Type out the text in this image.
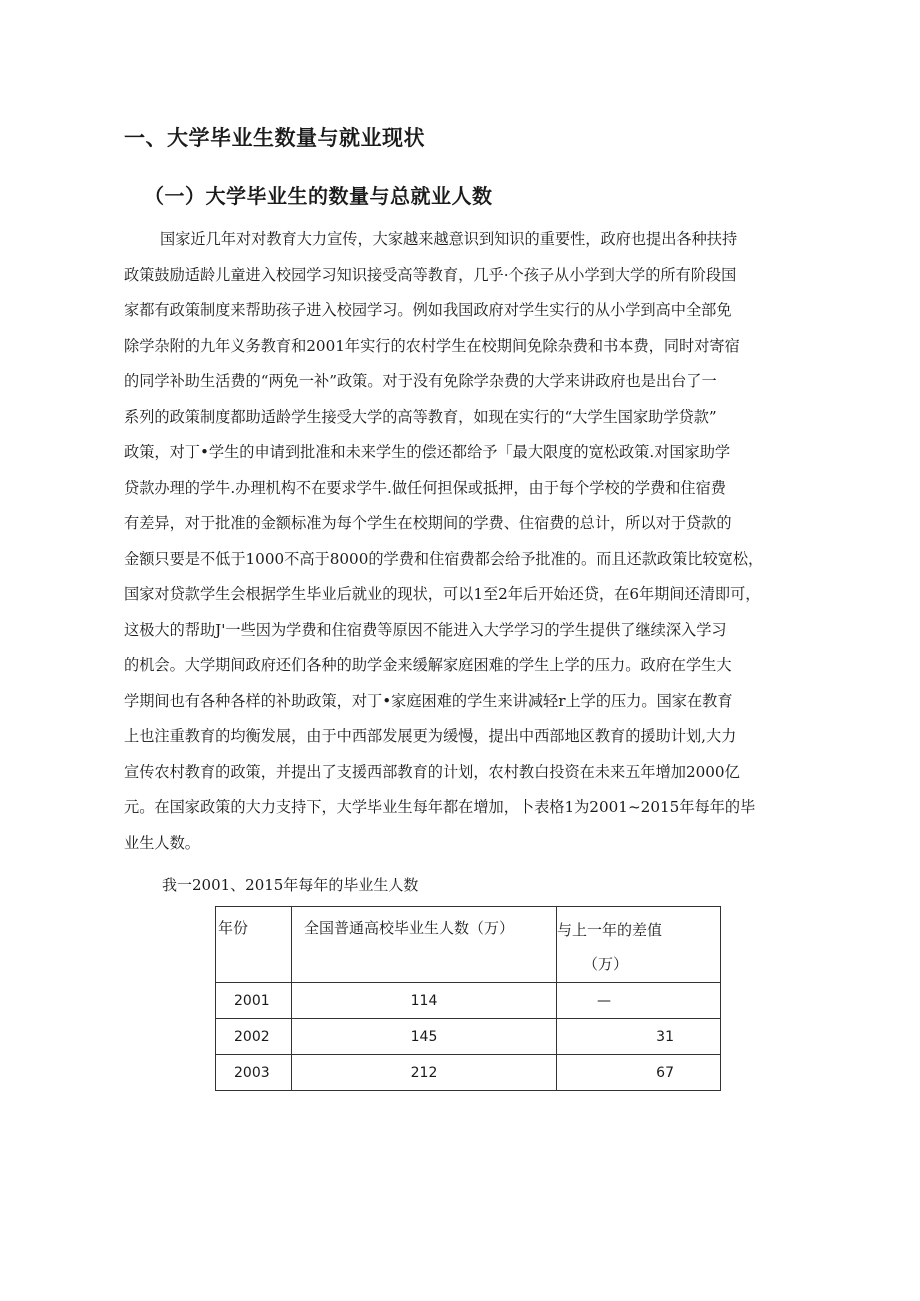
一、大学毕业生数量与就业现状
（一）大学毕业生的数量与总就业人数

国家近几年对对教育大力宣传，大家越来越意识到知识的重要性，政府也提出各种扶持
政策鼓励适龄儿童进入校园学习知识接受高等教育，几乎·个孩子从小学到大学的所有阶段国
家都有政策制度来帮助孩子进入校园学习。例如我国政府对学生实行的从小学到高中全部免
除学杂附的九年义务教育和2001年实行的农村学生在校期间免除杂费和书本费，同时对寄宿
的同学补助生活费的“两免一补”政策。对于没有免除学杂费的大学来讲政府也是出台了一
系列的政策制度都助适龄学生接受大学的高等教育，如现在实行的“大学生国家助学贷款”
政策，对丁•学生的申请到批准和未来学生的偿还都给予「最大限度的宽松政策.对国家助学
贷款办理的学牛.办理机构不在要求学牛.做任何担保或抵押，由于每个学校的学费和住宿费
有差异，对于批准的金额标准为每个学生在校期间的学费、住宿费的总计，所以对于贷款的
金额只要是不低于1000不高于8000的学费和住宿费都会给予批准的。而且还款政策比较宽松，
国家对贷款学生会根据学生毕业后就业的现状，可以1至2年后开始还贷，在6年期间还清即可，
这极大的帮助J'一些因为学费和住宿费等原因不能进入大学学习的学生提供了继续深入学习
的机会。大学期间政府还们各种的助学金来缓解家庭困难的学生上学的压力。政府在学生大
学期间也有各种各样的补助政策，对丁•家庭困难的学生来讲减轻r上学的压力。国家在教育
上也注重教育的均衡发展，由于中西部发展更为缓慢，提出中西部地区教育的援助计划,大力
宣传农村教育的政策，并提出了支援西部教育的计划，农村教白投资在未来五年增加2000亿
元。在国家政策的大力支持下，大学毕业生每年都在增加，卜表格1为2001~2015年每年的毕
业生人数。

我一2001、2015年每年的毕业生人数

年份	全国普通高校毕业生人数（万）	与上一年的差值
（万）

2001	114	—

2002	145	31

2003	212	67
